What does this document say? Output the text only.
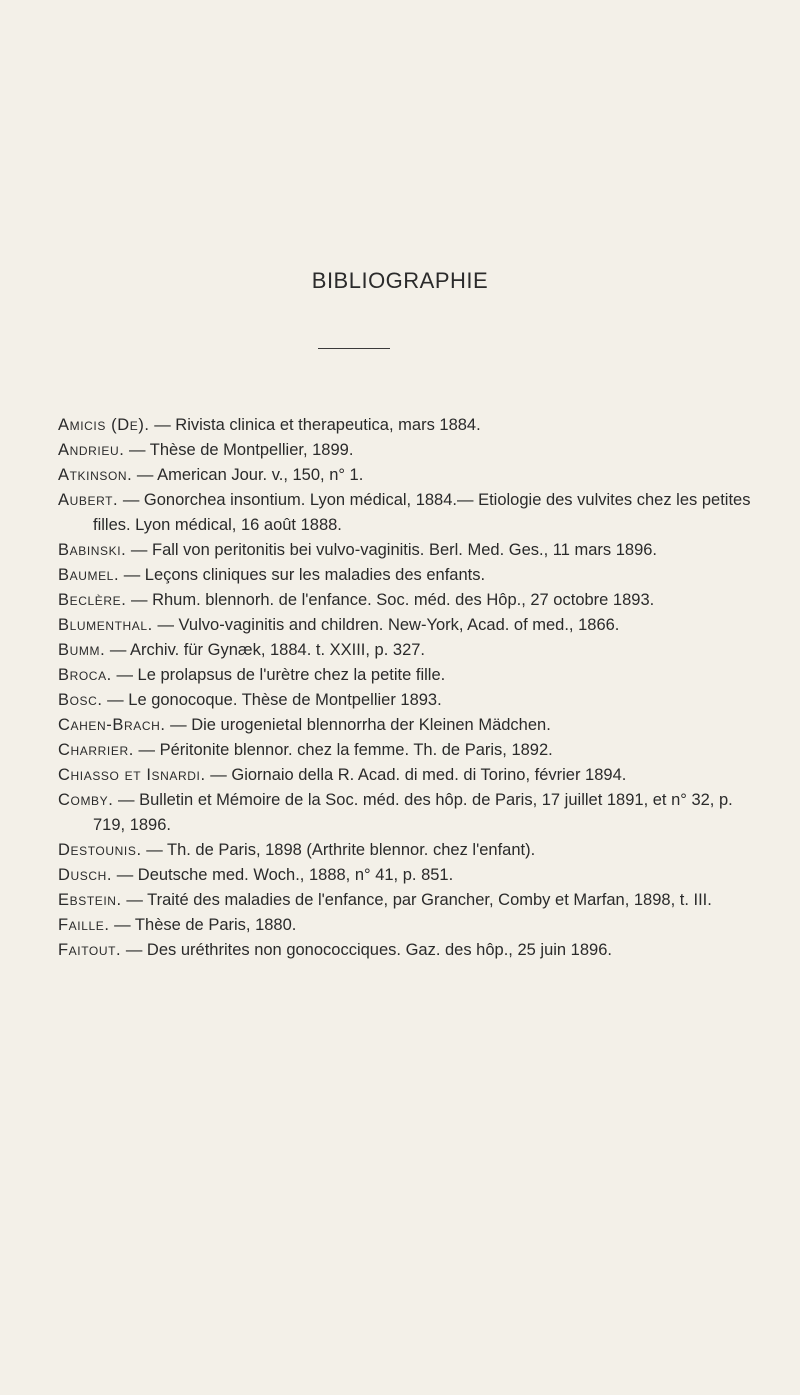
BIBLIOGRAPHIE

Amicis (De). — Rivista clinica et therapeutica, mars 1884.

Andrieu. — Thèse de Montpellier, 1899.

Atkinson. — American Jour. v., 150, n° 1.

Aubert. — Gonorchea insontium. Lyon médical, 1884.— Etiologie des vulvites chez les petites filles. Lyon médical, 16 août 1888.

Babinski. — Fall von peritonitis bei vulvo-vaginitis. Berl. Med. Ges., 11 mars 1896.

Baumel. — Leçons cliniques sur les maladies des enfants.

Beclère. — Rhum. blennorh. de l'enfance. Soc. méd. des Hôp., 27 octobre 1893.

Blumenthal. — Vulvo-vaginitis and children. New-York, Acad. of med., 1866.

Bumm. — Archiv. für Gynæk, 1884. t. XXIII, p. 327.

Broca. — Le prolapsus de l'urètre chez la petite fille.

Bosc. — Le gonocoque. Thèse de Montpellier 1893.

Cahen-Brach. — Die urogenietal blennorrha der Kleinen Mädchen.

Charrier. — Péritonite blennor. chez la femme. Th. de Paris, 1892.

Chiasso et Isnardi. — Giornaio della R. Acad. di med. di Torino, février 1894.

Comby. — Bulletin et Mémoire de la Soc. méd. des hôp. de Paris, 17 juillet 1891, et n° 32, p. 719, 1896.

Destounis. — Th. de Paris, 1898 (Arthrite blennor. chez l'enfant).

Dusch. — Deutsche med. Woch., 1888, n° 41, p. 851.

Ebstein. — Traité des maladies de l'enfance, par Grancher, Comby et Marfan, 1898, t. III.

Faille. — Thèse de Paris, 1880.

Faitout. — Des uréthrites non gonococciques. Gaz. des hôp., 25 juin 1896.
